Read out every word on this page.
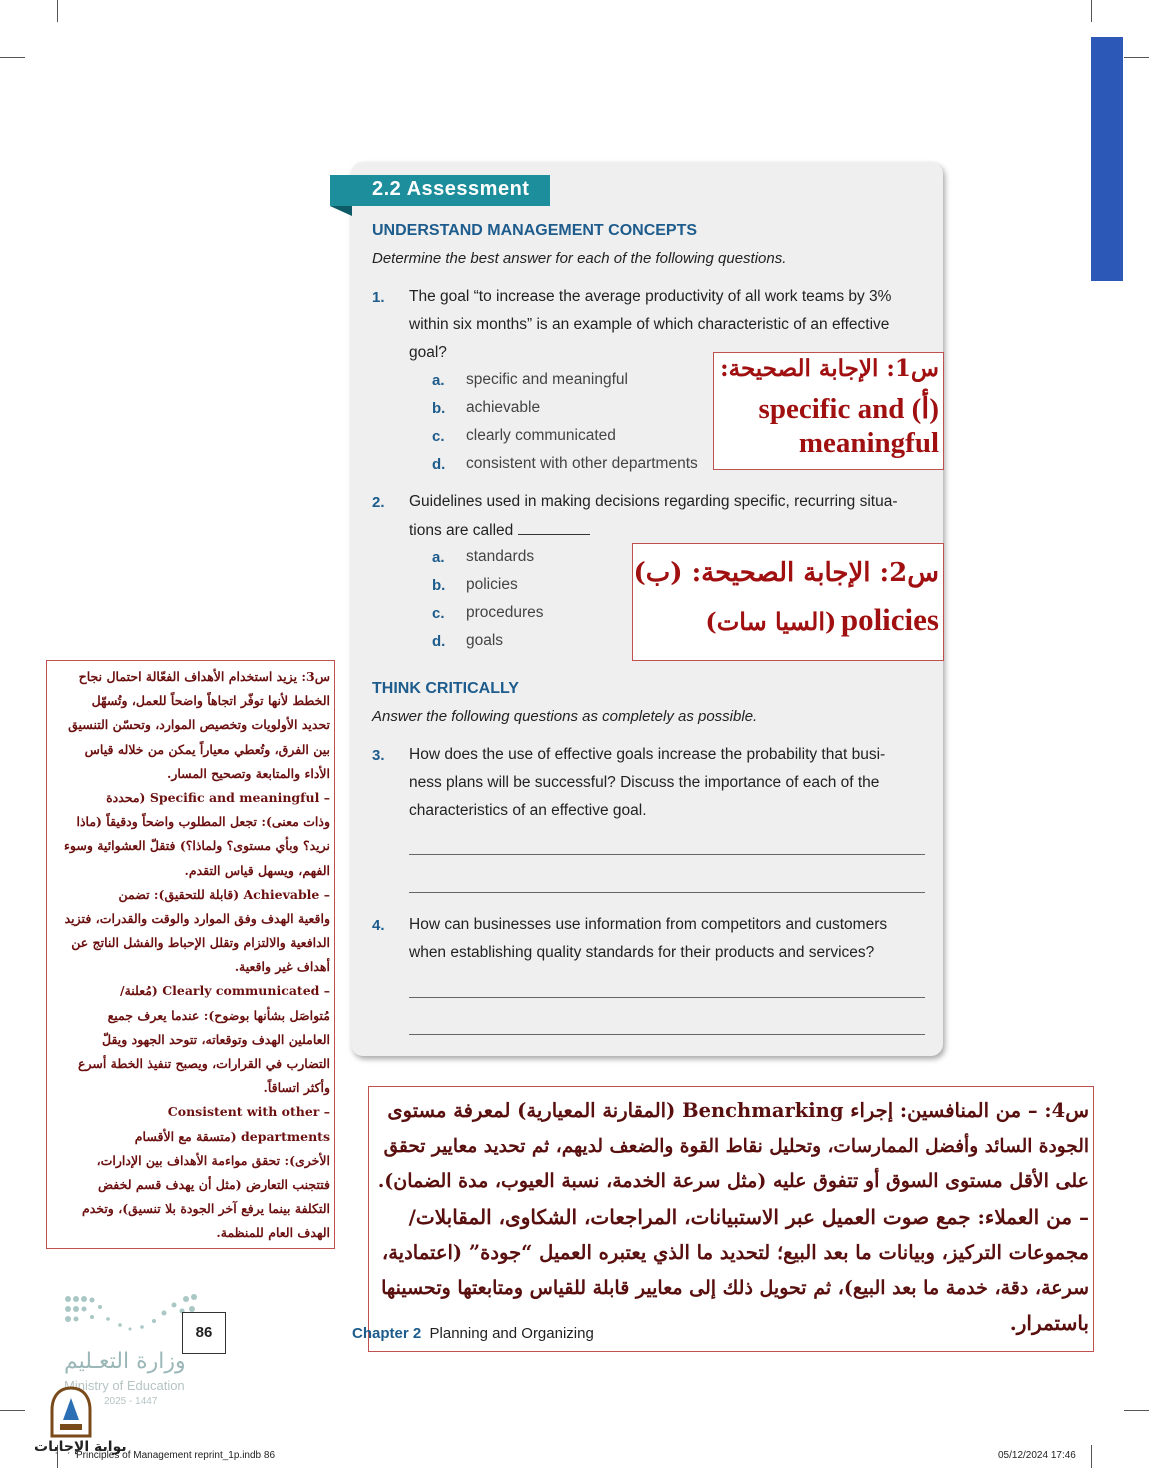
2.2 Assessment
UNDERSTAND MANAGEMENT CONCEPTS
Determine the best answer for each of the following questions.
1. The goal “to increase the average productivity of all work teams by 3%
within six months” is an example of which characteristic of an effective
goal?
a. specific and meaningful
b. achievable
c. clearly communicated
d. consistent with other departments
2. Guidelines used in making decisions regarding specific, recurring situa-
tions are called
a. standards
b. policies
c. procedures
d. goals
THINK CRITICALLY
Answer the following questions as completely as possible.
3. How does the use of effective goals increase the probability that busi-
ness plans will be successful? Discuss the importance of each of the
characteristics of an effective goal.
4. How can businesses use information from competitors and customers
when establishing quality standards for their products and services?
س1: الإجابة الصحيحة:
specific and (أ)
meaningful
س2: الإجابة الصحيحة: (ب)
(السيا سات) policies
س3: يزيد استخدام الأهداف الفعّالة احتمال نجاح
الخطط لأنها توفّر اتجاهاً واضحاً للعمل، وتُسهّل
تحديد الأولويات وتخصيص الموارد، وتحسّن التنسيق
بين الفرق، وتُعطي معياراً يمكن من خلاله قياس
الأداء والمتابعة وتصحيح المسار.
– Specific and meaningful (محددة
وذات معنى): تجعل المطلوب واضحاً ودقيقاً (ماذا
نريد؟ وبأي مستوى؟ ولماذا؟) فتقلّ العشوائية وسوء
الفهم، ويسهل قياس التقدم.
– Achievable (قابلة للتحقيق): تضمن
واقعية الهدف وفق الموارد والوقت والقدرات، فتزيد
الدافعية والالتزام وتقلل الإحباط والفشل الناتج عن
أهداف غير واقعية.
– Clearly communicated (مُعلنة/
مُتواصَل بشأنها بوضوح): عندما يعرف جميع
العاملين الهدف وتوقعاته، تتوحد الجهود ويقلّ
التضارب في القرارات، ويصبح تنفيذ الخطة أسرع
وأكثر اتساقاً.
– Consistent with other
departments (متسقة مع الأقسام
الأخرى): تحقق مواءمة الأهداف بين الإدارات،
فتتجنب التعارض (مثل أن يهدف قسم لخفض
التكلفة بينما يرفع آخر الجودة بلا تنسيق)، وتخدم
الهدف العام للمنظمة.
س4: – من المنافسين: إجراء Benchmarking (المقارنة المعيارية) لمعرفة مستوى
الجودة السائد وأفضل الممارسات، وتحليل نقاط القوة والضعف لديهم، ثم تحديد معايير تحقق
على الأقل مستوى السوق أو تتفوق عليه (مثل سرعة الخدمة، نسبة العيوب، مدة الضمان).
– من العملاء: جمع صوت العميل عبر الاستبيانات، المراجعات، الشكاوى، المقابلات/
مجموعات التركيز، وبيانات ما بعد البيع؛ لتحديد ما الذي يعتبره العميل “جودة” (اعتمادية،
سرعة، دقة، خدمة ما بعد البيع)، ثم تحويل ذلك إلى معايير قابلة للقياس ومتابعتها وتحسينها
باستمرار.
86
وزارة التعـليم
Ministry of Education
2025 - 1447
Chapter 2 Planning and Organizing
بوابة الإجابات
Principles of Management reprint_1p.indb 86	05/12/2024 17:46
